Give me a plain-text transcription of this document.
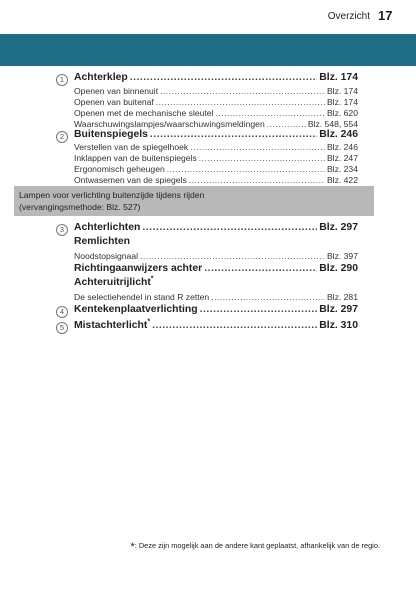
Overzicht 17
1 Achterklep .....	Blz. 174
Openen van binnenuit .....	Blz. 174
Openen van buitenaf .....	Blz. 174
Openen met de mechanische sleutel .....	Blz. 620
Waarschuwingslampjes/waarschuwingsmeldingen .....	Blz. 548, 554
2 Buitenspiegels .....	Blz. 246
Verstellen van de spiegelhoek .....	Blz. 246
Inklappen van de buitenspiegels .....	Blz. 247
Ergonomisch geheugen .....	Blz. 234
Ontwasemen van de spiegels .....	Blz. 422
Lampen voor verlichting buitenzijde tijdens rijden
(vervangingsmethode: Blz. 527)
3 Achterlichten .....	Blz. 297
Remlichten
Noodstopsignaal .....	Blz. 397
Richtingaanwijzers achter .....	Blz. 290
Achteruitrijlicht*
De selectiehendel in stand R zetten .....	Blz. 281
4 Kentekenplaatverlichting .....	Blz. 297
5 Mistachterlicht* .....	Blz. 310
*: Deze zijn mogelijk aan de andere kant geplaatst, afhankelijk van de regio.
